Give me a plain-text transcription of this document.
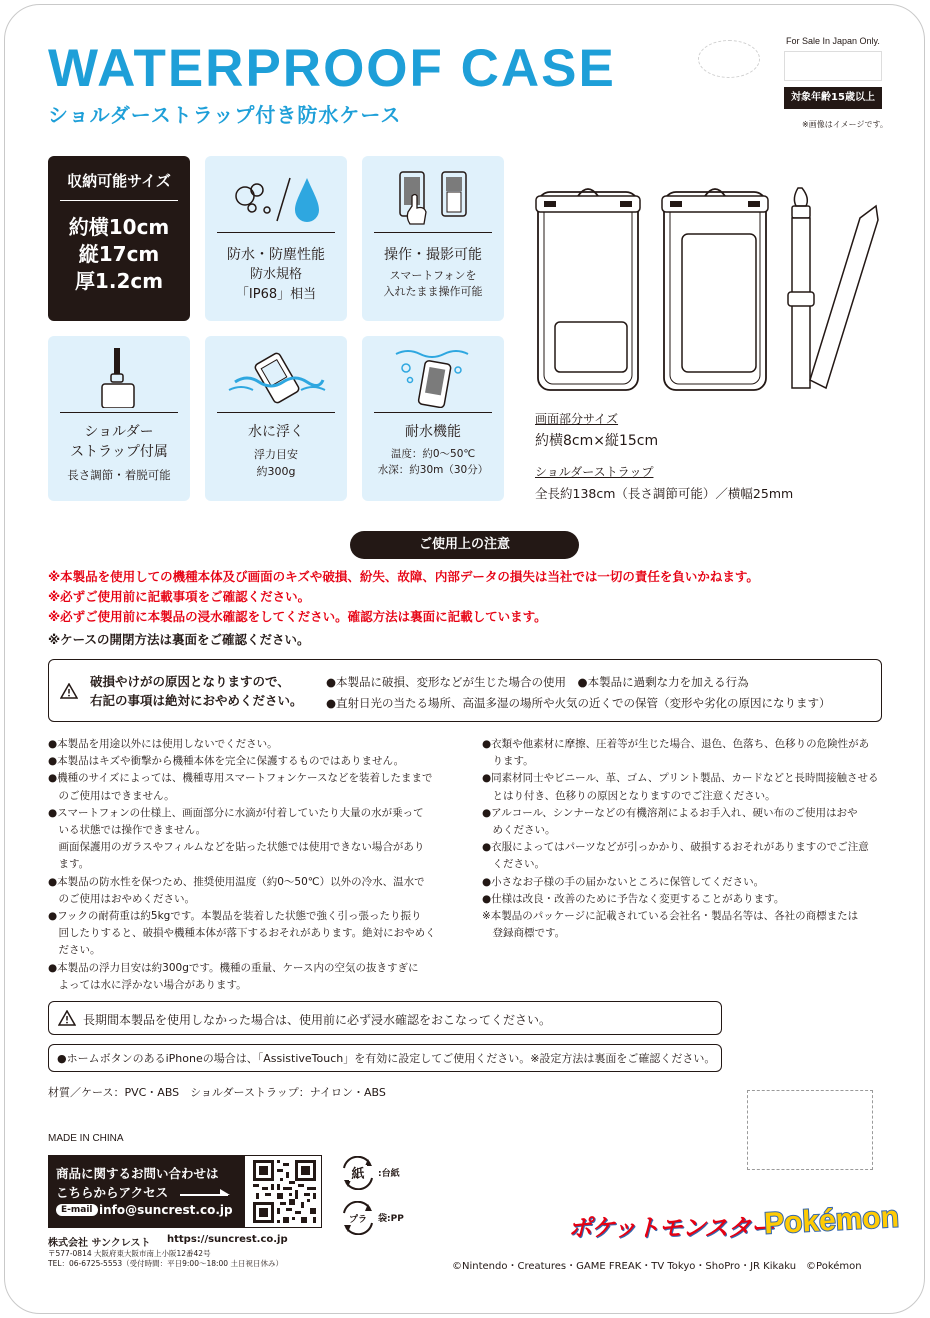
WATERPROOF CASE
ショルダーストラップ付き防水ケース
For Sale In Japan Only.
対象年齢15歳以上
※画像はイメージです。
収納可能サイズ
約横10cm
縦17cm
厚1.2cm
防水・防塵性能
防水規格
「IP68」相当
操作・撮影可能
スマートフォンを
入れたまま操作可能
ショルダー
ストラップ付属
長さ調節・着脱可能
水に浮く
浮力目安
約300g
耐水機能
温度：約0〜50℃
水深：約30m（30分）
画面部分サイズ
約横8cm×縦15cm
ショルダーストラップ
全長約138cm（長さ調節可能）／横幅25mm
ご使用上の注意
※本製品を使用しての機種本体及び画面のキズや破損、紛失、故障、内部データの損失は当社では一切の責任を負いかねます。
※必ずご使用前に記載事項をご確認ください。
※必ずご使用前に本製品の浸水確認をしてください。確認方法は裏面に記載しています。
※ケースの開閉方法は裏面をご確認ください。
破損やけがの原因となりますので、
右記の事項は絶対におやめください。
●本製品に破損、変形などが生じた場合の使用　●本製品に過剰な力を加える行為
●直射日光の当たる場所、高温多湿の場所や火気の近くでの保管（変形や劣化の原因になります）
●本製品を用途以外には使用しないでください。
●本製品はキズや衝撃から機種本体を完全に保護するものではありません。
●機種のサイズによっては、機種専用スマートフォンケースなどを装着したままで
　のご使用はできません。
●スマートフォンの仕様上、画面部分に水滴が付着していたり大量の水が乗って
　いる状態では操作できません。
　画面保護用のガラスやフィルムなどを貼った状態では使用できない場合があり
　ます。
●本製品の防水性を保つため、推奨使用温度（約0〜50℃）以外の冷水、温水で
　のご使用はおやめください。
●フックの耐荷重は約5kgです。本製品を装着した状態で強く引っ張ったり振り
　回したりすると、破損や機種本体が落下するおそれがあります。絶対におやめく
　ださい。
●本製品の浮力目安は約300gです。機種の重量、ケース内の空気の抜きすぎに
　よっては水に浮かない場合があります。
●衣類や他素材に摩擦、圧着等が生じた場合、退色、色落ち、色移りの危険性があ
　ります。
●同素材同士やビニール、革、ゴム、プリント製品、カードなどと長時間接触させる
　とはり付き、色移りの原因となりますのでご注意ください。
●アルコール、シンナーなどの有機溶剤によるお手入れ、硬い布のご使用はおや
　めください。
●衣服によってはパーツなどが引っかかり、破損するおそれがありますのでご注意
　ください。
●小さなお子様の手の届かないところに保管してください。
●仕様は改良・改善のために予告なく変更することがあります。
※本製品のパッケージに記載されている会社名・製品名等は、各社の商標または
　登録商標です。
長期間本製品を使用しなかった場合は、使用前に必ず浸水確認をおこなってください。
●ホームボタンのあるiPhoneの場合は、「AssistiveTouch」を有効に設定してご使用ください。※設定方法は裏面をご確認ください。
材質／ケース：PVC・ABS　ショルダーストラップ：ナイロン・ABS
MADE IN CHINA
商品に関するお問い合わせは
こちらからアクセス
E-mail info@suncrest.co.jp
紙 :台紙
プラ 袋:PP
株式会社 サンクレスト https://suncrest.co.jp
〒577-0814 大阪府東大阪市南上小阪12番42号
TEL：06-6725-5553（受付時間：平日9:00〜18:00 土日祝日休み）
ポケットモンスター
Pokémon
©Nintendo・Creatures・GAME FREAK・TV Tokyo・ShoPro・JR Kikaku　©Pokémon
